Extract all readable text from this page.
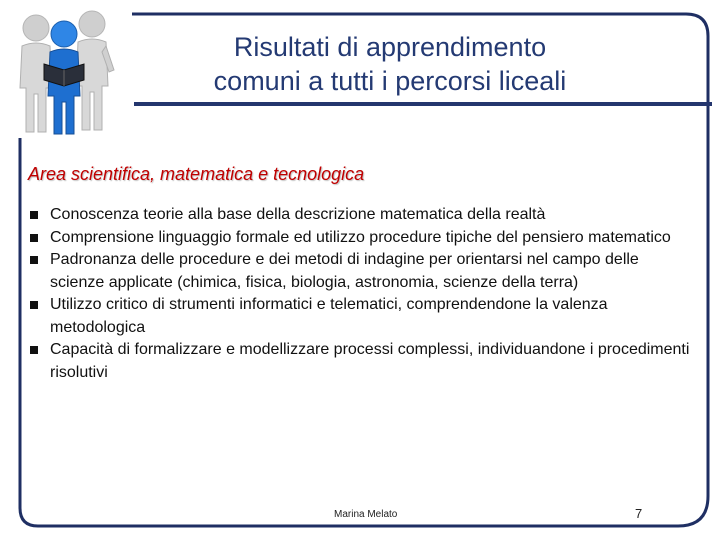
Risultati di apprendimento
comuni a tutti i percorsi liceali
Area scientifica, matematica e tecnologica
Conoscenza teorie alla base della descrizione matematica della realtà
Comprensione linguaggio formale ed utilizzo procedure tipiche del pensiero matematico
Padronanza delle procedure e dei metodi di indagine per orientarsi nel campo delle scienze applicate (chimica, fisica, biologia, astronomia, scienze della terra)
Utilizzo critico di strumenti informatici e telematici, comprendendone la valenza metodologica
Capacità di formalizzare e modellizzare processi complessi, individuandone i procedimenti risolutivi
Marina Melato	7
